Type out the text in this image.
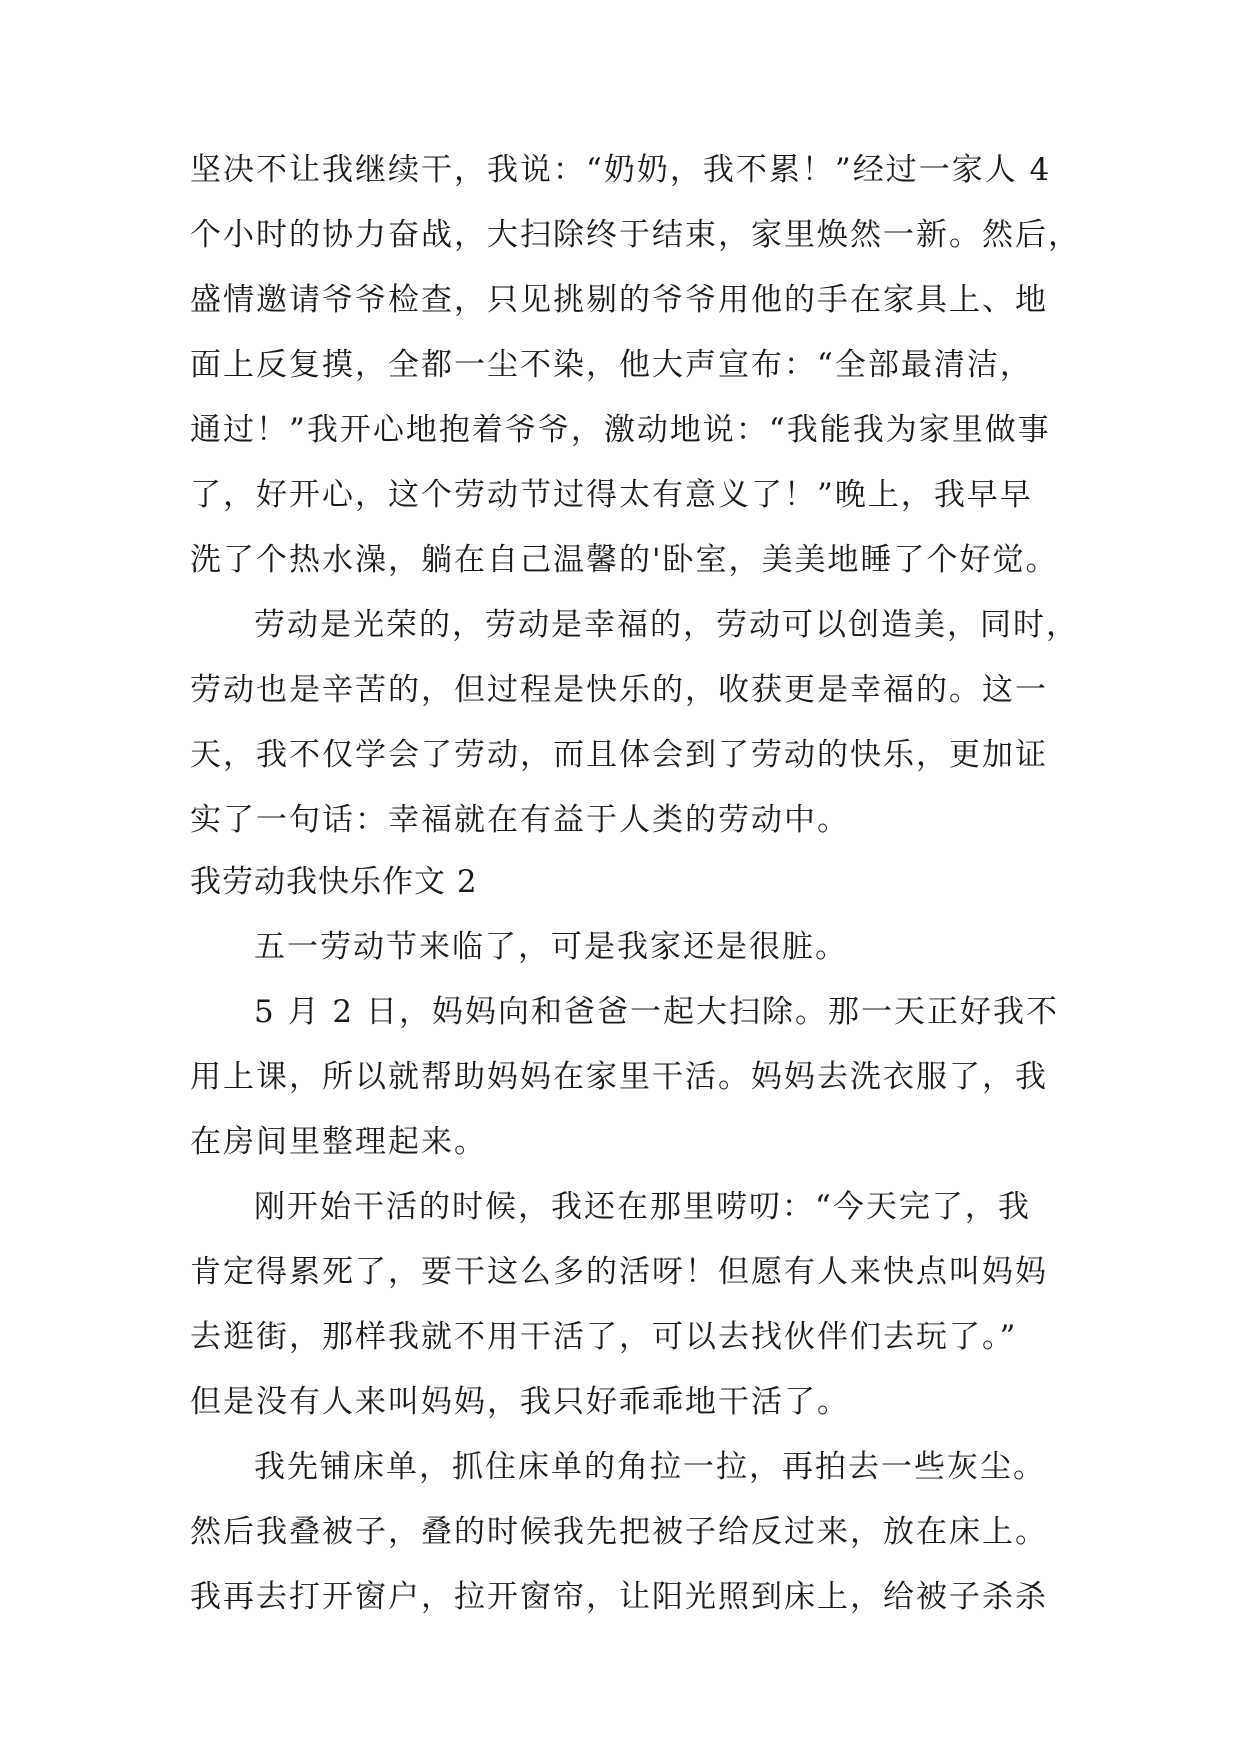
坚决不让我继续干，我说：“奶奶，我不累！”经过一家人 4
个小时的协力奋战，大扫除终于结束，家里焕然一新。然后，
盛情邀请爷爷检查，只见挑剔的爷爷用他的手在家具上、地
面上反复摸，全都一尘不染，他大声宣布：“全部最清洁，
通过！”我开心地抱着爷爷，激动地说：“我能我为家里做事
了，好开心，这个劳动节过得太有意义了！”晚上，我早早
洗了个热水澡，躺在自己温馨的'卧室，美美地睡了个好觉。

劳动是光荣的，劳动是幸福的，劳动可以创造美，同时，
劳动也是辛苦的，但过程是快乐的，收获更是幸福的。这一
天，我不仅学会了劳动，而且体会到了劳动的快乐，更加证
实了一句话：幸福就在有益于人类的劳动中。

我劳动我快乐作文 2

五一劳动节来临了，可是我家还是很脏。

5 月 2 日，妈妈向和爸爸一起大扫除。那一天正好我不
用上课，所以就帮助妈妈在家里干活。妈妈去洗衣服了，我
在房间里整理起来。

刚开始干活的时候，我还在那里唠叨：“今天完了，我
肯定得累死了，要干这么多的活呀！但愿有人来快点叫妈妈
去逛街，那样我就不用干活了，可以去找伙伴们去玩了。”
但是没有人来叫妈妈，我只好乖乖地干活了。

我先铺床单，抓住床单的角拉一拉，再拍去一些灰尘。
然后我叠被子，叠的时候我先把被子给反过来，放在床上。
我再去打开窗户，拉开窗帘，让阳光照到床上，给被子杀杀
